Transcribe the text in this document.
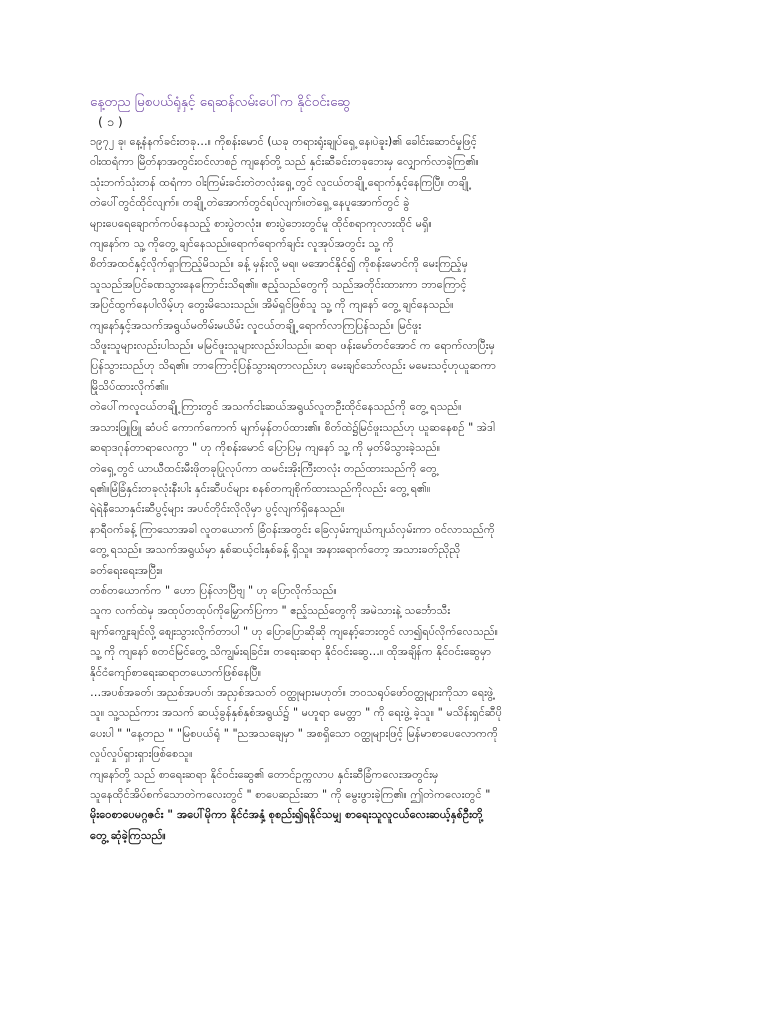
နေ့တည မြစပယ်ရုံနှင့် ရေဆန်လမ်းပေါ်က နိုင်ဝင်းဆွေ

( ၁ )

၁၉၇၂ ခု၊ နေ့နံနက်ခင်းတခု…။ ကိုစန်းမောင် (ယခု တရားရုံးချုပ်ရှေ့ နေ၊ပဲခူး)၏ ခေါင်းဆောင်မှုဖြင့်

ဝါးထရံကာ မြိတ်နာအတွင်းဝင်လာစဉ် ကျနော်တို့ သည် နှင်းဆီခင်းတခုဘေးမှ လျှောက်လာခဲ့ကြ၏။

သုံးဘက်သုံးတန် ထရံကာ ဝါးကြမ်းခင်းတဲတလုံးရှေ့ တွင် လူငယ်တချို့ ရောက်နှင့်နေကြပြီ။ တချို့

တဲပေါ်တွင်ထိုင်လျက်။ တချို့ တဲအောက်တွင်ရပ်လျက်။တဲရှေ့ နေပူအောက်တွင် ခွဲ

များပေရေချောက်ကပ်နေသည့် စားပွဲတလုံး။ စားပွဲဘေးတွင်မူ ထိုင်စရာကုလားထိုင် မရှိ။

ကျနော်က သူ့ ကိုတွေ့ ချင်နေသည်။ရောက်ရောက်ချင်း လူအုပ်အတွင်း သူ့ ကို

စိတ်အထင်နှင့်လိုက်ရှာကြည့်မိသည်။ ခန့် မှန်းလို့ မရ။ မအောင်နိုင်၍ ကိုစန်းမောင်ကို မေးကြည့်မှ

သူသည်အပြင်ခဏသွားနေကြောင်းသိရ၏။ ဧည့်သည်တွေကို သည်အတိုင်းထားကာ ဘာကြောင့်

အပြင်ထွက်နေပါလိမ့်ဟု တွေးမိသေးသည်။ အိမ်ရှင်ဖြစ်သူ သူ့ ကို ကျနော် တွေ့ ချင်နေသည်။

ကျနော်နှင့်အသက်အရွယ်မတိမ်းမယိမ်း လူငယ်တချို့ ရောက်လာကြပြန်သည်။ မြင်ဖူး

သိဖူးသူများလည်းပါသည်။ မမြင်ဖူးသူများလည်းပါသည်။ ဆရာ ဖန်းမော်တင်အောင် က ရောက်လာပြီးမှ

ပြန်သွားသည်ဟု သိရ၏။ ဘာကြောင့်ပြန်သွားရတာလည်းဟု မေးချင်သော်လည်း မမေးသင့်ဟုယူဆကာ

မြိုသိပ်ထားလိုက်၏။

တဲပေါ်ကလူငယ်တချို့ ကြားတွင် အသက်ငါးဆယ်အရွယ်လူတဦးထိုင်နေသည်ကို တွေ့ ရသည်။

အသားဖြူဖြူ ဆံပင် ကောက်ကောက် မျက်မှန်တပ်ထား၏။ စိတ်ထဲ၌မြင်ဖူးသည်ဟု ယူဆနေစဉ် " အဲဒါ

ဆရာဒဂုန်တာရာလေကွာ " ဟု ကိုစန်းမောင် ပြောပြမှ ကျနော် သူ့ ကို မှတ်မိသွားခဲ့သည်။

တဲရှေ့ တွင် ယာယီထင်းမီးဖိုတခုပြုလုပ်ကာ ထမင်းအိုးကြီးတလုံး တည်ထားသည်ကို တွေ့

ရ၏။မြံခြံနှင်းတခုလုံးနီးပါး နှင်းဆီပင်များ စနစ်တကျစိုက်ထားသည်ကိုလည်း တွေ့ ရ၏။

ရဲရဲနီသောနှင်းဆီပွင့်များ အပင်တိုင်းလိုလိုမှာ ပွင့်လျက်ရှိနေသည်။

နာရီဝက်ခန့် ကြာသောအခါ လူတယောက် ခြံဝန်းအတွင်း ခြေလှမ်းကျယ်ကျယ်လှမ်းကာ ဝင်လာသည်ကို

တွေ့ ရသည်။ အသက်အရွယ်မှာ နှစ်ဆယ့်ငါးနှစ်ခန့် ရှိသူ။ အနားရောက်တော့ အသားခတ်ညိုညို

ခတ်ရေးရေးအပြီး။

တစ်တယောက်က " ဟော ပြန်လာပြီဗျ " ဟု ပြောလိုက်သည်။

သူက လက်ထဲမှ အထုပ်တထုပ်ကိုမြှောက်ပြကာ " ဧည့်သည်တွေကို အမဲသားနဲ့ သင်္ဘောသီး

ချက်ကျွေးချင်လို့ စျေးသွားလိုက်တာပါ " ဟု ပြောပြောဆိုဆို ကျနော့်ဘေးတွင် လာ၍ရပ်လိုက်လေသည်။

သူ့ ကို ကျနော် စတင်မြင်တွေ့ သိကျွမ်းရခြင်း။ တရေးဆရာ နိုင်ဝင်းဆွေ…။ ထိုအချိန်က နိုင်ဝင်းဆွေမှာ

နိုင်ငံကျော်စာရေးဆရာတယောက်ဖြစ်နေပြီ။

…အပစ်အခတ်၊ အညစ်အပတ်၊ အညှစ်အသတ် ဝတ္ထုများမဟုတ်။ ဘဝသရုပ်ဖော်ဝတ္ထုများကိုသာ ရေးဖွဲ့

သူ။ သူ့သည်ကား အသက် ဆယ့်ခွန်နှစ်နှစ်အရွယ်၌ " မဟူရာ မေတ္တာ " ကို ရေးဖွဲ့ ခဲ့သူ။ " မသိန်းရှင်ဆီပို

ပေးပါ " "နေ့တည " "မြစပယ်ရုံ " "ညအသချေမှာ " အစရှိသော ဝတ္ထုများဖြင့် မြန်မာစာပေလောကကို

လှုပ်လှုပ်ရှားရှားဖြစ်စေသူ။

ကျနော်တို့ သည် စာရေးဆရာ နိုင်ဝင်းဆွေ၏ တောင်ဥက္ကလာပ နှင်းဆီခြံကလေးအတွင်းမှ

သူနေထိုင်အိပ်စက်သောတဲကလေးတွင် " စာပေဆည်းဆာ " ကို မွေးဖွားခဲ့ကြ၏။ ဤတဲကလေးတွင် "

မိုးဝေစာပေမဂ္ဂဇင်း " အပေါ်မိုကာ နိုင်ငံအနှံ့ စုစည်း၍ရနိုင်သမျှ စာရေးသူလူငယ်လေးဆယ့်နှစ်ဦးတို့

တွေ့ ဆုံခဲ့ကြသည်။
